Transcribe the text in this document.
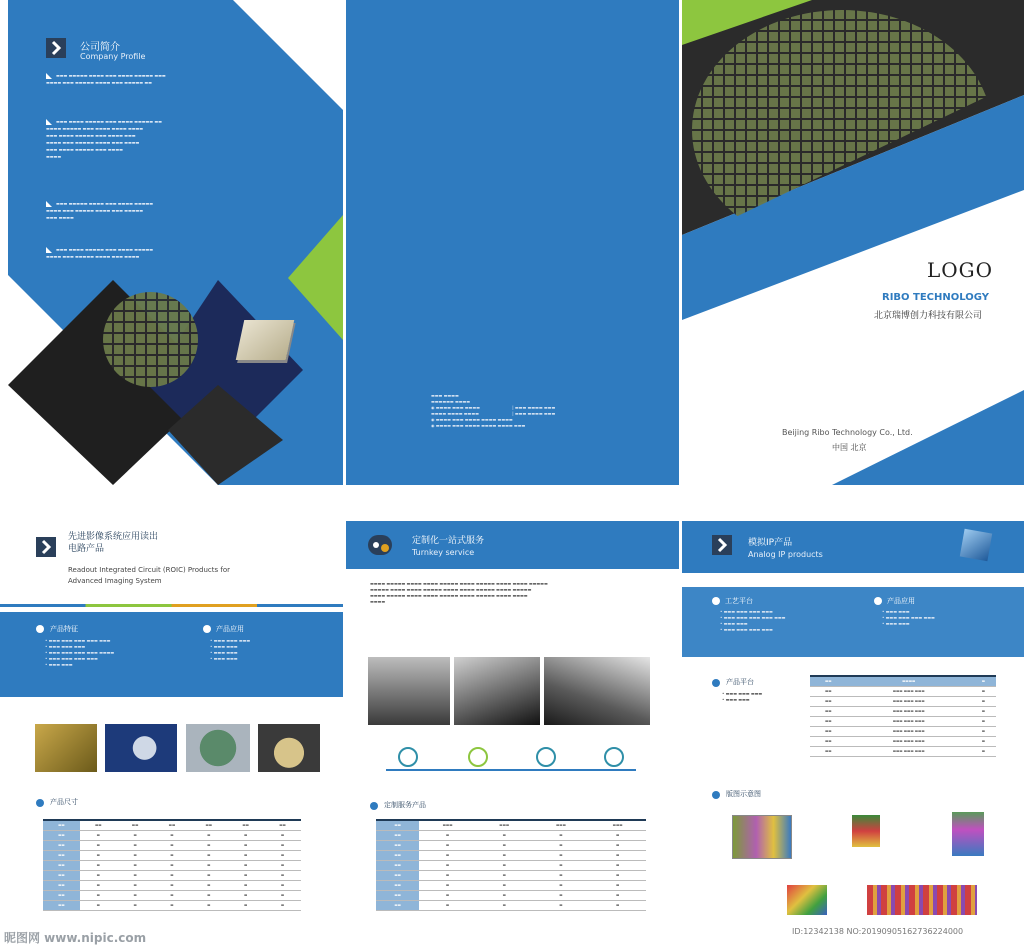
公司简介
Company Profile
▬▬▬ ▬▬▬▬▬ ▬▬▬▬ ▬▬▬ ▬▬▬▬ ▬▬▬▬▬ ▬▬▬
▬▬▬▬ ▬▬▬ ▬▬▬▬▬ ▬▬▬▬ ▬▬▬ ▬▬▬▬▬ ▬▬
▬▬▬ ▬▬▬▬ ▬▬▬▬▬ ▬▬▬ ▬▬▬▬ ▬▬▬▬▬ ▬▬
▬▬▬▬ ▬▬▬▬▬ ▬▬▬ ▬▬▬▬ ▬▬▬▬ ▬▬▬▬
▬▬▬ ▬▬▬▬ ▬▬▬▬▬ ▬▬▬ ▬▬▬▬ ▬▬▬
▬▬▬▬ ▬▬▬ ▬▬▬▬▬ ▬▬▬▬ ▬▬▬ ▬▬▬▬
▬▬▬ ▬▬▬▬ ▬▬▬▬▬ ▬▬▬ ▬▬▬▬
▬▬▬▬
▬▬▬ ▬▬▬▬▬ ▬▬▬▬ ▬▬▬ ▬▬▬▬ ▬▬▬▬▬
▬▬▬▬ ▬▬▬ ▬▬▬▬▬ ▬▬▬▬ ▬▬▬ ▬▬▬▬▬
▬▬▬ ▬▬▬▬
▬▬▬ ▬▬▬▬ ▬▬▬▬▬ ▬▬▬ ▬▬▬▬ ▬▬▬▬▬
▬▬▬▬ ▬▬▬ ▬▬▬▬▬ ▬▬▬▬ ▬▬▬ ▬▬▬▬
▬▬▬ ▬▬▬▬
▬▬▬▬▬▬ ▬▬▬▬
◉ ▬▬▬▬ ▬▬▬ ▬▬▬▬	| ▬▬▬ ▬▬▬▬ ▬▬▬
▬▬▬▬ ▬▬▬▬ ▬▬▬▬	| ▬▬▬ ▬▬▬▬ ▬▬▬
◉ ▬▬▬▬ ▬▬▬ ▬▬▬▬ ▬▬▬▬ ▬▬▬▬
◉ ▬▬▬▬ ▬▬▬ ▬▬▬▬ ▬▬▬▬ ▬▬▬▬ ▬▬▬
LOGO
RIBO TECHNOLOGY
北京瑞博创力科技有限公司
Beijing Ribo Technology Co., Ltd.
中国 北京
先进影像系统应用读出电路产品
Readout Integrated Circuit (ROIC) Products for Advanced Imaging System
产品特征
• ▬▬▬ ▬▬▬ ▬▬▬ ▬▬▬ ▬▬▬
• ▬▬▬ ▬▬▬ ▬▬▬
• ▬▬▬ ▬▬▬ ▬▬▬ ▬▬▬ ▬▬▬▬
• ▬▬▬ ▬▬▬ ▬▬▬ ▬▬▬
• ▬▬▬ ▬▬▬
产品应用
• ▬▬▬ ▬▬▬ ▬▬▬
• ▬▬▬ ▬▬▬
• ▬▬▬ ▬▬▬
• ▬▬▬ ▬▬▬
产品尺寸
▬▬	▬▬	▬▬	▬▬	▬▬	▬▬	▬▬
▬▬	▬	▬	▬	▬	▬	▬
▬▬	▬	▬	▬	▬	▬	▬
▬▬	▬	▬	▬	▬	▬	▬
▬▬	▬	▬	▬	▬	▬	▬
▬▬	▬	▬	▬	▬	▬	▬
▬▬	▬	▬	▬	▬	▬	▬
▬▬	▬	▬	▬	▬	▬	▬
▬▬	▬	▬	▬	▬	▬	▬
昵图网 www.nipic.com
定制化一站式服务
Turnkey service
▬▬▬▬ ▬▬▬▬▬ ▬▬▬▬ ▬▬▬▬ ▬▬▬▬▬ ▬▬▬▬ ▬▬▬▬▬ ▬▬▬▬ ▬▬▬▬ ▬▬▬▬▬
▬▬▬▬▬ ▬▬▬▬ ▬▬▬▬ ▬▬▬▬▬ ▬▬▬▬ ▬▬▬▬ ▬▬▬▬▬ ▬▬▬▬ ▬▬▬▬▬
▬▬▬▬ ▬▬▬▬▬ ▬▬▬▬ ▬▬▬▬ ▬▬▬▬▬ ▬▬▬▬ ▬▬▬▬▬ ▬▬▬▬ ▬▬▬▬
▬▬▬▬
定制服务产品
▬▬	▬▬▬	▬▬▬	▬▬▬	▬▬▬
▬▬	▬	▬	▬	▬
▬▬	▬	▬	▬	▬
▬▬	▬	▬	▬	▬
▬▬	▬	▬	▬	▬
▬▬	▬	▬	▬	▬
▬▬	▬	▬	▬	▬
▬▬	▬	▬	▬	▬
▬▬	▬	▬	▬	▬
模拟IP产品
Analog IP products
工艺平台
• ▬▬▬ ▬▬▬ ▬▬▬ ▬▬▬
• ▬▬▬ ▬▬▬ ▬▬▬ ▬▬▬ ▬▬▬
• ▬▬▬ ▬▬▬
• ▬▬▬ ▬▬▬ ▬▬▬ ▬▬▬
产品应用
• ▬▬▬ ▬▬▬
• ▬▬▬ ▬▬▬ ▬▬▬ ▬▬▬
• ▬▬▬ ▬▬▬
产品平台
• ▬▬▬ ▬▬▬ ▬▬▬
• ▬▬▬ ▬▬▬
▬▬	▬▬▬▬	▬
▬▬	▬▬▬ ▬▬▬ ▬▬▬	▬
▬▬	▬▬▬ ▬▬▬ ▬▬▬	▬
▬▬	▬▬▬ ▬▬▬ ▬▬▬	▬
▬▬	▬▬▬ ▬▬▬ ▬▬▬	▬
▬▬	▬▬▬ ▬▬▬ ▬▬▬	▬
▬▬	▬▬▬ ▬▬▬ ▬▬▬	▬
▬▬	▬▬▬ ▬▬▬ ▬▬▬	▬
版图示意图
ID:12342138 NO:20190905162736224000
